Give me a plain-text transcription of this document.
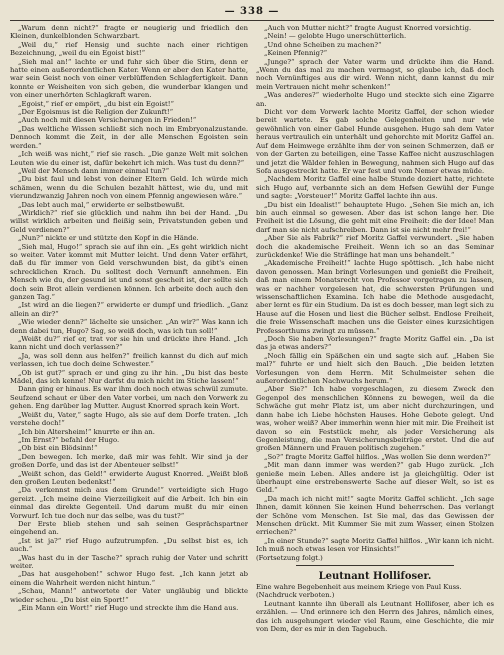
— 338 —

„Warum denn nicht?“ fragte er neugierig und friedlich den Kleinen, dunkelblonden Schwarzbart.

„Weil du,“ rief Hensig und suchte nach einer richtigen Bezeichnung, „weil du ein Egoist bist!“

„Sieh mal an!“ lachte er und fuhr sich über die Stirn, denn er hatte einen außerordentlichen Kater. Wenn er aber den Kater hatte, war sein Geist noch von einer verblüffenden Schlagfertigkeit. Dann konnte er Weisheiten von sich geben, die wunderbar klangen und von einer unerhörten Schlagkraft waren.

„Egoist,“ rief er empört, „du bist ein Egoist!“

„Der Egoismus ist die Religion der Zukunft!“

„Auch noch mit diesen Versicherungen in Frieden!“

„Das weltliche Wissen schließt sich noch im Embryonalzustande. Dennoch kommt die Zeit, in der alle Menschen Egoisten sein werden.“

„Ich weiß was nicht,“ rief sie rasch. „Die ganze Welt mit solchen Leuten wie du einer ist, dafür bekehrt ich mich. Was tust du denn?“

„Weil der Mensch dann immer einmal tun?“

„Du bist faul und lebst von deiner Eltern Geld. Ich würde mich schämen, wenn du die Schulen bezahlt hättest, wie du, und mit vierundzwanzig Jahren noch von einem Pfennig angewiesen wäre.“

„Das lebt auch mal,“ erwiderte er selbstbewußt.

„Wirklich?“ rief sie glücklich und nahm ihn bei der Hand. „Du willst wirklich arbeiten und fleißig sein, Privatstunden geben und Geld verdienen?“

„Nun?“ nickte er und stützte den Kopf in die Hände.

„Sieh mal, Hugo!“ sprach sie auf ihn ein. „Es geht wirklich nicht so weiter. Vater kommt mit Mutter leicht. Und denn Vater erfährt, daß du für immer von Geld verschwunden bist, da gibt's einen schrecklichen Krach. Du solltest doch Vernunft annehmen. Ein Mensch wie du, der gesund ist und sonst gescheit ist, der sollte sich doch sein Brot allein verdienen können. Ich arbeite doch auch den ganzen Tag.“

„Ist wird an die liegen?“ erwiderte er dumpf und friedlich. „Ganz allein an dir?“

„Wie wieder denn?“ lächelte sie unsicher. „An wir?“ Was kann ich denn dabei tun, Hugo? Sag, so weiß doch, was ich tun soll!“

„Weißt du?“ rief er, trat vor sie hin und drückte ihre Hand. „Ich kann nicht und doch verlassen?“

„Ja, was soll denn aus helfen?“ freilich kannst du dich auf mich verlassen, ich tue doch deine Schwester.“

„Ob ist gut?“ sprach er und ging zu ihr hin. „Du bist das beste Mädel, das ich kenne! Nur darfst du mich nicht im Stiche lassen!“

Dann ging er hinaus. Es war ihm doch noch etwas schwül zumute. Seufzend schaut er über den Vater vorbei, um nach den Vorwerk zu gehen. Eng darüber lag Mutter. August Knorred sprach kein Wort.

„Weißt du, Vater,“ sagte Hugo, als sie auf dem Dorfe traten. „Ich verstehe doch!“

„Ich bin Altersheim!“ knurrte er ihn an.

„Im Ernst?“ befahl der Hugo.

„Ob bist ein Blödsinn!“

„Den bewegen. Ich merke, daß mir was fehlt. Wir sind ja der großen Dorfe, und das ist der Abenteuer selbst!“

„Weißt schon, das Geld!“ erwiderte August Knorred. „Weißt bloß den großen Leuten bedenkst!“

„Da verkennst mich aus dem Grunde!“ verteidigte sich Hugo gereizt. „Ich meine deine Vierzeiligkeit auf die Arbeit. Ich bin ein einmal das direkte Gegenteil. Und darum mußt du mir einen Vorwurf. Ich tue doch nur das selbe, was du tust?“

Der Erste blieb stehen und sah seinen Gesprächspartner eingehend an.

„Ist ist ja?“ rief Hugo aufzutrumpfen. „Du selbst bist es, ich auch.“

„Was hast du in der Tasche?“ sprach ruhig der Vater und schritt weiter.

„Das hat ausgehoben!“ schwor Hugo fest. „Ich kann jetzt ab einem die Wahrheit werden nicht hintun.“

„Schau, Mann!“ antwortete der Vater ungläubig und blickte wieder scheu. „Du bist ein Sport!“

„Ein Mann ein Wort!“ rief Hugo und streckte ihm die Hand aus.

„Auch von Mutter nicht?“ fragte August Knorred vorsichtig.

„Nein! — gelobte Hugo unerschütterlich.

„Und ohne Scheiben zu machen?“

„Keinen Pfennig?“

„Junge?“ sprach der Vater warm und drückte ihm die Hand. „Wenn du das mal zu machen vermagst, so glaube ich, daß doch noch Vernünftiges aus dir wird. Wenn nicht, dann kannst du mir mein Vertrauen nicht mehr schenken!“

„Was anderes?“ wiederholte Hugo und steckte sich eine Zigarre an.

Dicht vor dem Vorwerk lachte Moritz Gaffel, der schon wieder bereit wartete. Es gab solche Gelegenheiten und nur wie gewöhnlich von einer Gabel Hunde ausgehen. Hugo sah dem Vater heraus vertraulich ein unterhält und gehorchte mit Moritz Gaffel an. Auf dem Heimwege erzählte ihm der von seinen Schmerzen, daß er von der Garten zu beteiligen, eine Tasse Kaffee nicht auszuschlagen und jetzt die Wälder fehlen in Bewegung, nahmen sich Hugo auf das Sofa ausgestreckt hatte. Er war fest und vom Nemer etwas müde.

„Nachdem Moritz Gaffel eine halbe Stunde doziert hatte, richtete sich Hugo auf, verbannte sich an dem Hefsen Gewühl der Funge und sagte: „Vorsteuer!“ Moritz Gaffel lachte ihn aus.

„Du bist ein Idealist!“ behauptete Hugo. „Sehen Sie mich an, ich bin auch einmal so gewesen. Aber das ist schon lange her. Die Freiheit ist die Lösung, die geht mit eine Freiheit: die der Idee! Man darf man sie nicht aufschreiben. Dann ist sie nicht mehr frei!“

„Aber Sie als Fabrik?“ rief Moritz Gaffel verwundert. „Sie haben doch die akademische Freiheit. Wenn ich so an das Seminar zurückdenke! Wie die Sträflinge hat man uns behandelt.“

„Akademische Freiheit!“ lachte Hugo spöttisch. „Ich habe nicht davon genossen. Man bringt Vorlesungen und genießt die Freiheit, daß man einem Monatsrecht von Professor vorgetragen zu lassen, was er nachher vorgelesen hat, die schwersten Prüfungen und wissenschaftlichen Examina. Ich habe die Methode ausgedacht, aber lernt es für ein Studium. Da ist es doch besser, man legt sich zu Hause auf die Hosen und liest die Bücher selbst. Endlose Freiheit, die freie Wissenschaft machen uns die Geister eines kurzsichtigen Professorthums zwingt zu müssen.“

„Doch Sie haben Vorlesungen?“ fragte Moritz Gaffel ein. „Da ist das ja etwas anders?“

„Noch fällig ein Späßchen ein und sagte sich auf. „Haben Sie mal?“ fuhrte er und hielt sich den Bauch. „Die beiden letzten Vorlesungen von dem Herrn. Mit Schulmeister sehen die außerordentlichen Nachwuchs herum.“

„Aber Sie?“ Ich habe vorgeschlagen, zu diesem Zweck den Gegenpol des menschlichen Könnens zu bewegen, weil da die Schwäche gut mehr Platz ist, um aber nicht durchzuringen, und dann habe ich Liebe höchsten Hauses. Hohe Gebote gelegt. Und was, woher weiß? Aber immerhin wenn hier mit mir. Die Freiheit ist davon so ein Feststück mehr, als jeder Versicherung als Gegenleistung, die man Versicherungsbeiträge erstet. Und die auf großen Männern und Frauen politisch zugehen.“

„So?“ fragte Moritz Gaffel hilflos. „Was wollen Sie denn werden?“

„Mit man dann immer was werden?“ gab Hugo zurück. „Ich genieße mein Leben. Alles andere ist ja gleichgültig. Oder ist überhaupt eine erstrebenswerte Sache auf dieser Welt, so ist es Geld.“

„Da mach ich nicht mit!“ sagte Moritz Gaffel schlicht. „Ich sage Ihnen, damit können Sie keinen Hund beherrschen. Das verlangt der Schöne vom Menschen. Ist Sie mal, das das Gewissen der Menschen drückt. Mit Kummer Sie mit zum Wasser, einen Stolzen erriechen?“

„In einer Stunde?“ sagte Moritz Gaffel hilflos. „Wir kann ich nicht. Ich muß noch etwas lesen vor Hinsichts!“

(Fortsetzung folgt.)

Leutnant Hollifoser.

Eine wahre Begebenheit aus meinem Kriege von Paul Kuss.

(Nachdruck verboten.)

Leutnant kannte ihn überall als Leutnant Hollifoser, aber ich es erzählen. — Und erinnere ich den Herrn des Jahres, nämlich eines, das ich ausgehungert wieder viel Raum, eine Geschichte, die mir von Dem, der es mir in den Tagebuch.
